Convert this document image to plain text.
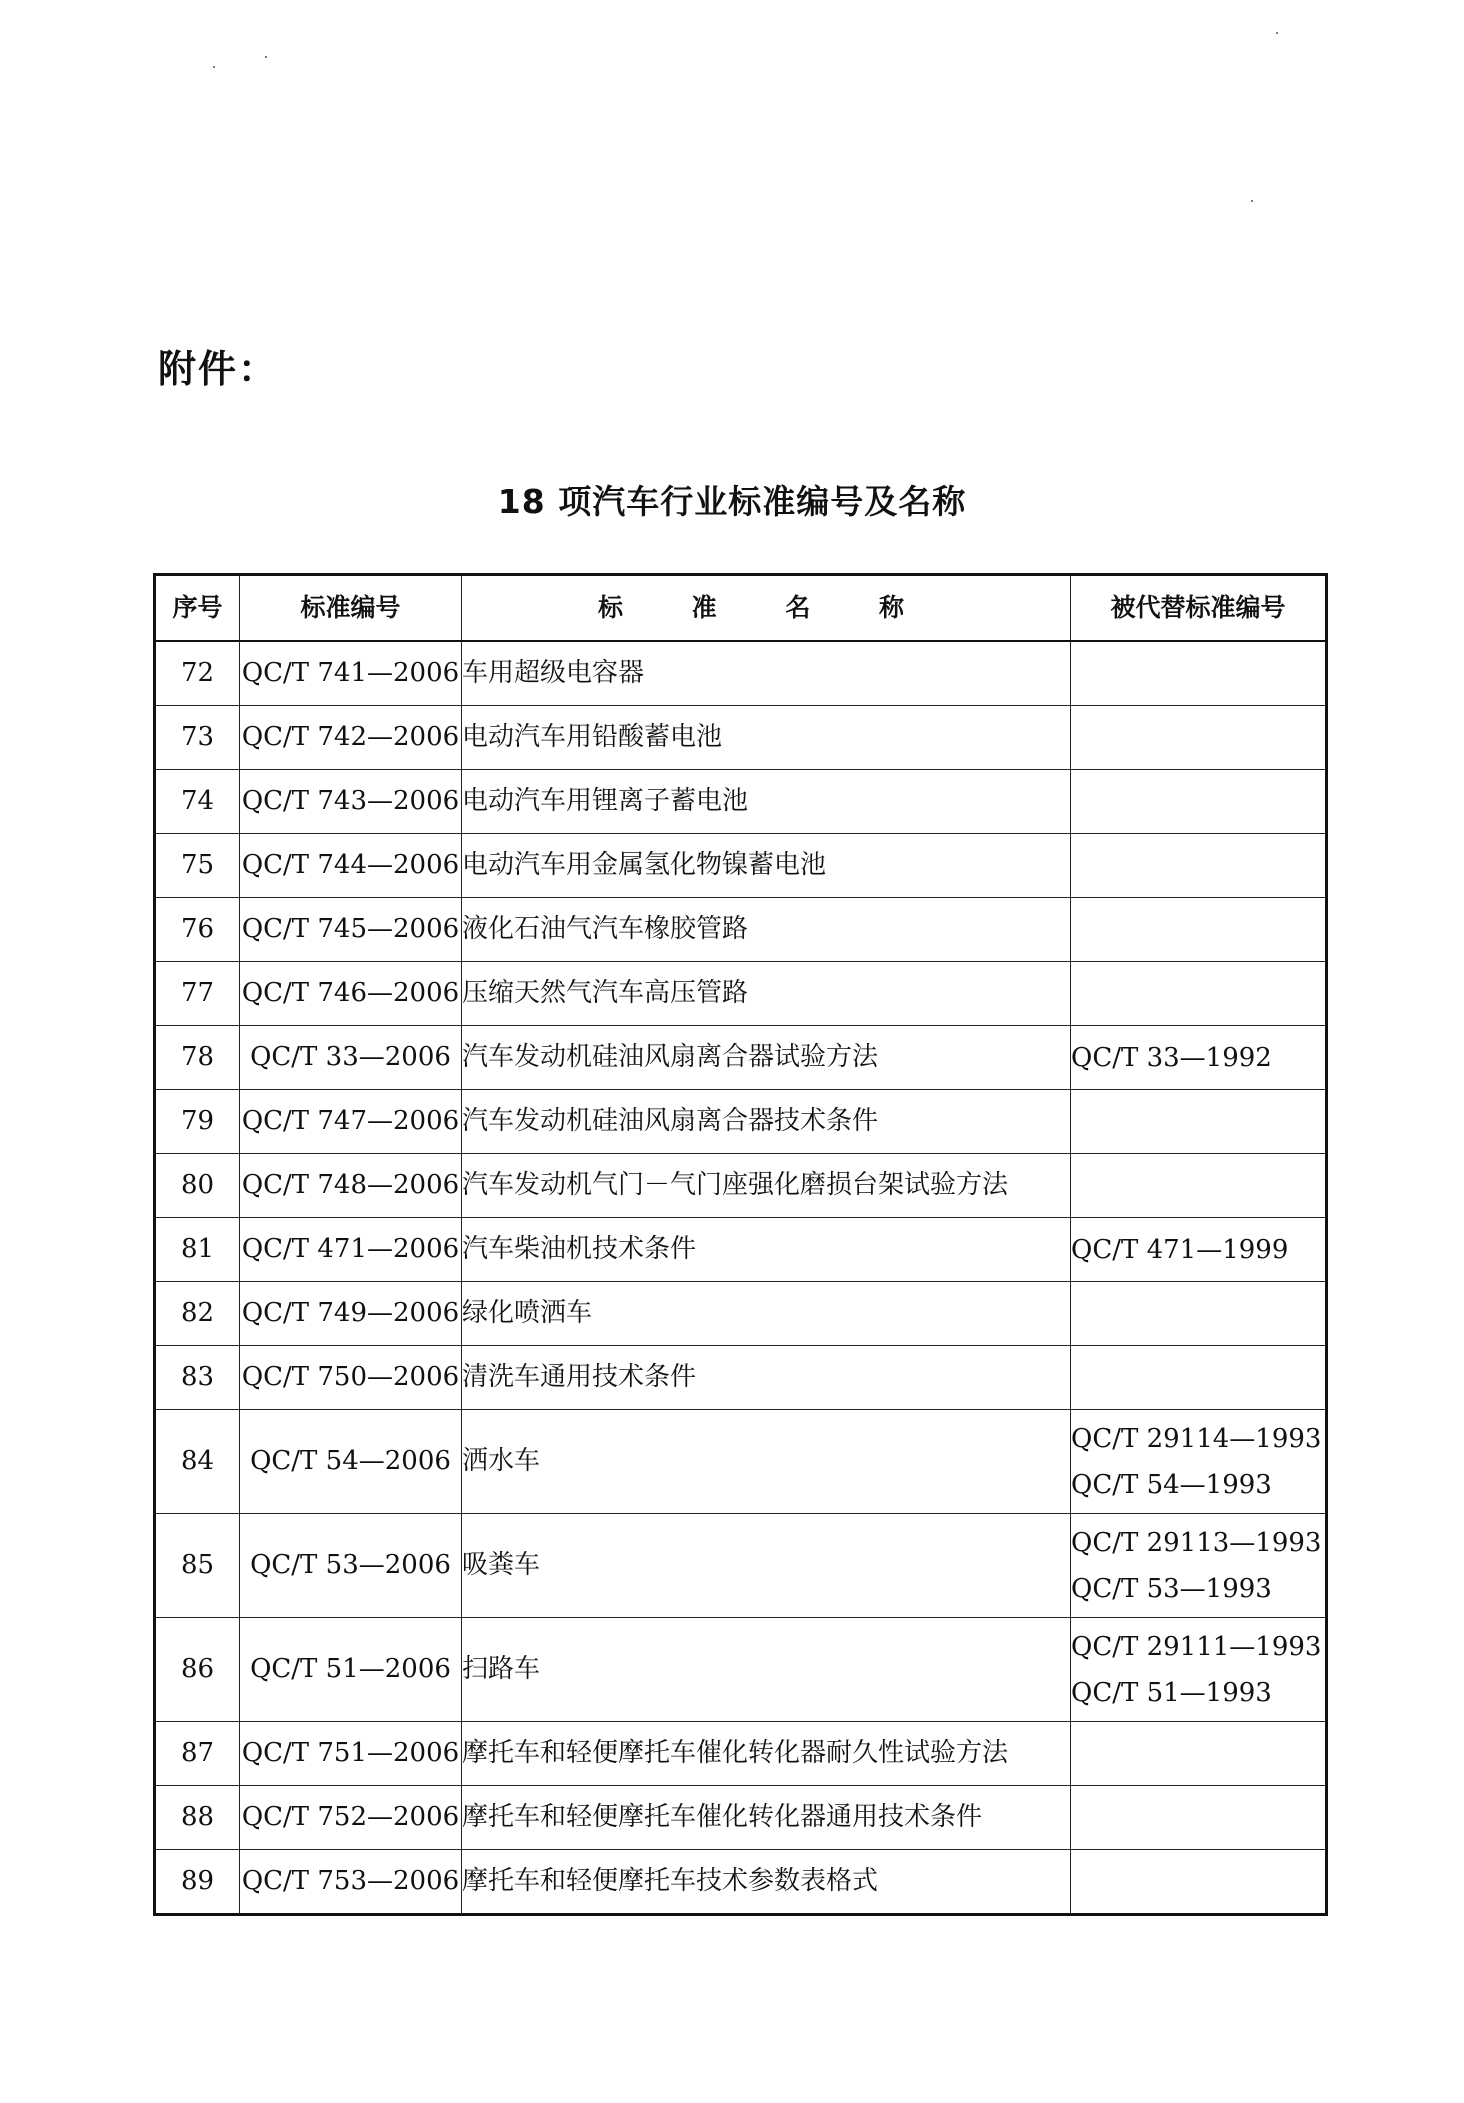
附件：
18 项汽车行业标准编号及名称
序号	标准编号	标 准 名 称	被代替标准编号
72	QC/T 741—2006	车用超级电容器	
73	QC/T 742—2006	电动汽车用铅酸蓄电池	
74	QC/T 743—2006	电动汽车用锂离子蓄电池	
75	QC/T 744—2006	电动汽车用金属氢化物镍蓄电池	
76	QC/T 745—2006	液化石油气汽车橡胶管路	
77	QC/T 746—2006	压缩天然气汽车高压管路	
78	QC/T 33—2006	汽车发动机硅油风扇离合器试验方法	QC/T 33—1992

79	QC/T 747—2006	汽车发动机硅油风扇离合器技术条件	
80	QC/T 748—2006	汽车发动机气门－气门座强化磨损台架试验方法	
81	QC/T 471—2006	汽车柴油机技术条件	QC/T 471—1999

82	QC/T 749—2006	绿化喷洒车	
83	QC/T 750—2006	清洗车通用技术条件	
84	QC/T 54—2006	洒水车	QC/T 29114—1993
QC/T 54—1993

85	QC/T 53—2006	吸粪车	QC/T 29113—1993
QC/T 53—1993

86	QC/T 51—2006	扫路车	QC/T 29111—1993
QC/T 51—1993

87	QC/T 751—2006	摩托车和轻便摩托车催化转化器耐久性试验方法	
88	QC/T 752—2006	摩托车和轻便摩托车催化转化器通用技术条件	
89	QC/T 753—2006	摩托车和轻便摩托车技术参数表格式	
